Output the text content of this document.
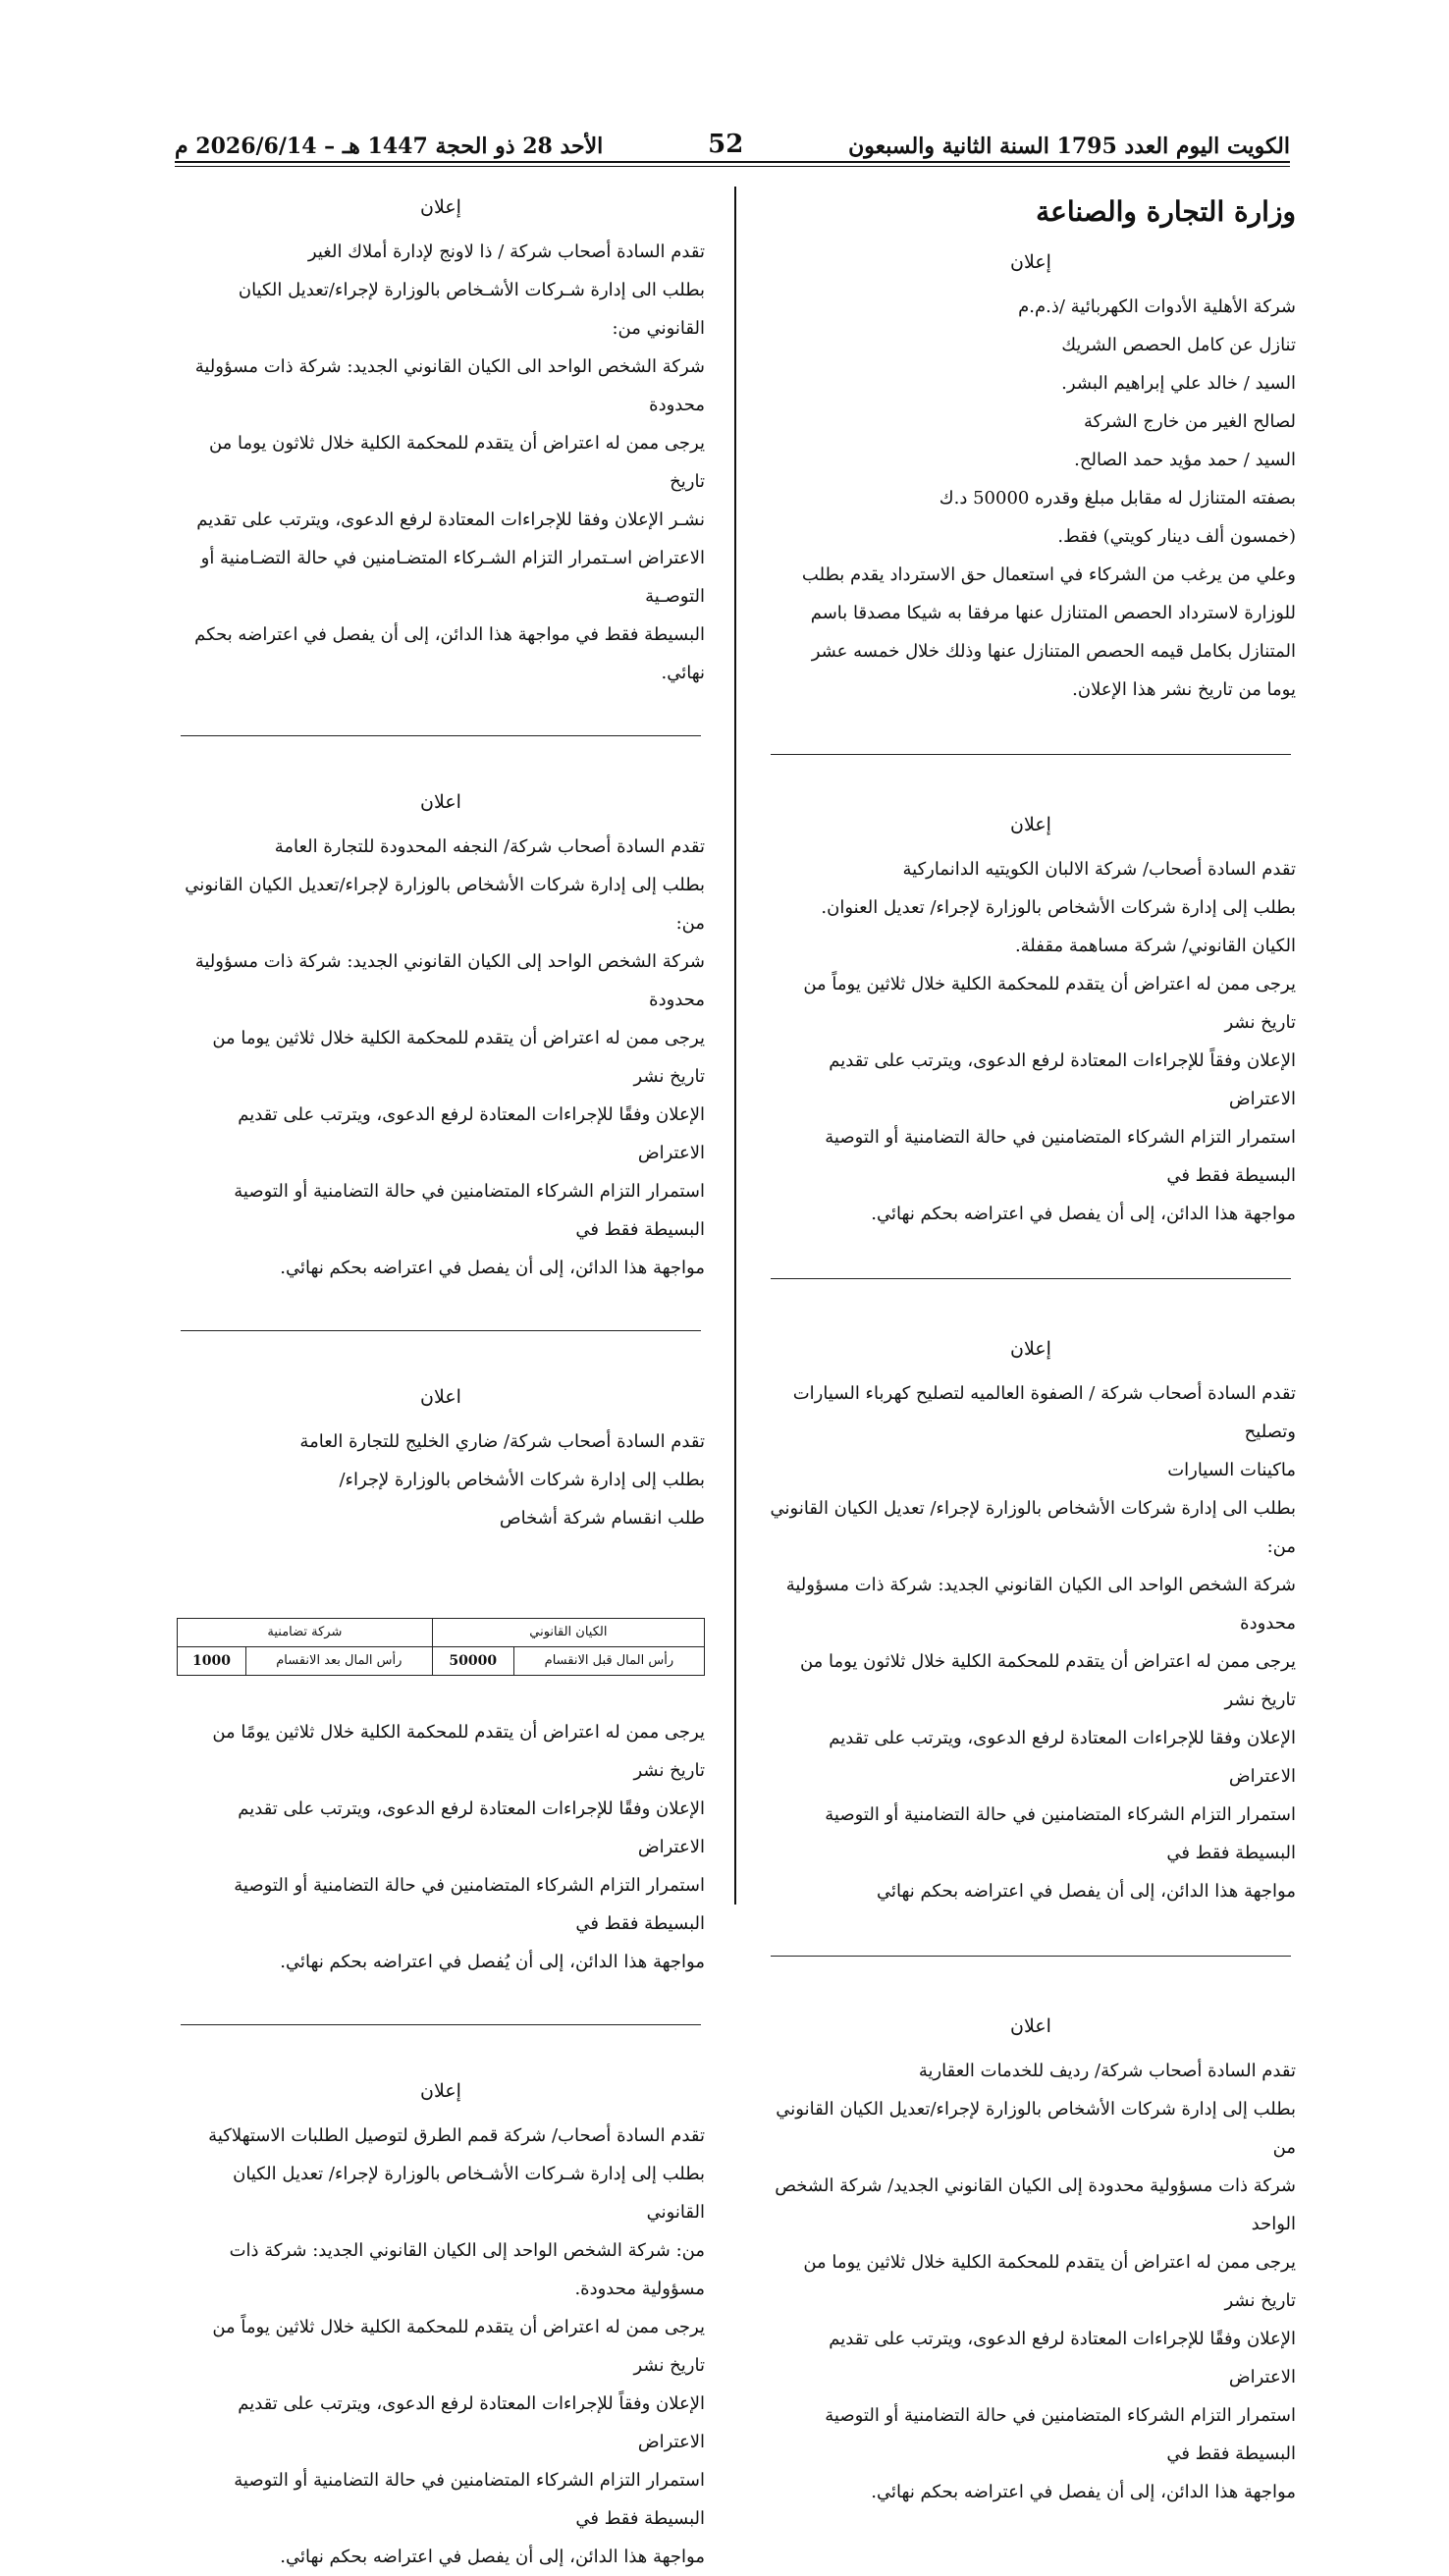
الكويت اليوم العدد 1795 السنة الثانية والسبعون
52
الأحد 28 ذو الحجة 1447 هـ – 2026/6/14 م
وزارة التجارة والصناعة
إعلان

شركة الأهلية الأدوات الكهربائية /ذ.م.م

تنازل عن كامل الحصص الشريك

السيد / خالد علي إبراهيم البشر.

لصالح الغير من خارج الشركة

السيد / حمد مؤيد حمد الصالح.

بصفته المتنازل له مقابل مبلغ وقدره 50000 د.ك

(خمسون ألف دينار كويتي) فقط.

وعلي من يرغب من الشركاء في استعمال حق الاسترداد يقدم بطلب

للوزارة لاسترداد الحصص المتنازل عنها مرفقا به شيكا مصدقا باسم

المتنازل بكامل قيمه الحصص المتنازل عنها وذلك خلال خمسه عشر

يوما من تاريخ نشر هذا الإعلان.

إعلان

تقدم السادة أصحاب/ شركة الالبان الكويتيه الدانماركية

بطلب إلى إدارة شركات الأشخاص بالوزارة لإجراء/ تعديل العنوان.

الكيان القانوني/ شركة مساهمة مقفلة.

يرجى ممن له اعتراض أن يتقدم للمحكمة الكلية خلال ثلاثين يوماً من تاريخ نشر

الإعلان وفقاً للإجراءات المعتادة لرفع الدعوى، ويترتب على تقديم الاعتراض

استمرار التزام الشركاء المتضامنين في حالة التضامنية أو التوصية البسيطة فقط في

مواجهة هذا الدائن، إلى أن يفصل في اعتراضه بحكم نهائي.

إعلان

تقدم السادة أصحاب شركة / الصفوة العالميه لتصليح كهرباء السيارات وتصليح

ماكينات السيارات

بطلب الى إدارة شركات الأشخاص بالوزارة لإجراء/ تعديل الكيان القانوني من:

شركة الشخص الواحد الى الكيان القانوني الجديد: شركة ذات مسؤولية محدودة

يرجى ممن له اعتراض أن يتقدم للمحكمة الكلية خلال ثلاثون يوما من تاريخ نشر

الإعلان وفقا للإجراءات المعتادة لرفع الدعوى، ويترتب على تقديم الاعتراض

استمرار التزام الشركاء المتضامنين في حالة التضامنية أو التوصية البسيطة فقط في

مواجهة هذا الدائن، إلى أن يفصل في اعتراضه بحكم نهائي

اعلان

تقدم السادة أصحاب شركة/ رديف للخدمات العقارية

بطلب إلى إدارة شركات الأشخاص بالوزارة لإجراء/تعديل الكيان القانوني من

شركة ذات مسؤولية محدودة إلى الكيان القانوني الجديد/ شركة الشخص الواحد

يرجى ممن له اعتراض أن يتقدم للمحكمة الكلية خلال ثلاثين يوما من تاريخ نشر

الإعلان وفقًا للإجراءات المعتادة لرفع الدعوى، ويترتب على تقديم الاعتراض

استمرار التزام الشركاء المتضامنين في حالة التضامنية أو التوصية البسيطة فقط في

مواجهة هذا الدائن، إلى أن يفصل في اعتراضه بحكم نهائي.

إعلان

تقدم السادة أصحاب شركة / ذا لاونج لإدارة أملاك الغير

بطلب الى إدارة شـركات الأشـخاص بالوزارة لإجراء/تعديل الكيان القانوني من:

شركة الشخص الواحد الى الكيان القانوني الجديد: شركة ذات مسؤولية محدودة

يرجى ممن له اعتراض أن يتقدم للمحكمة الكلية خلال ثلاثون يوما من تاريخ

نشـر الإعلان وفقا للإجراءات المعتادة لرفع الدعوى، ويترتب على تقديم

الاعتراض اسـتمرار التزام الشـركاء المتضـامنين في حالة التضـامنية أو التوصـية

البسيطة فقط في مواجهة هذا الدائن، إلى أن يفصل في اعتراضه بحكم نهائي.

اعلان

تقدم السادة أصحاب شركة/ النجفه المحدودة للتجارة العامة

بطلب إلى إدارة شركات الأشخاص بالوزارة لإجراء/تعديل الكيان القانوني من:

شركة الشخص الواحد إلى الكيان القانوني الجديد: شركة ذات مسؤولية محدودة

يرجى ممن له اعتراض أن يتقدم للمحكمة الكلية خلال ثلاثين يوما من تاريخ نشر

الإعلان وفقًا للإجراءات المعتادة لرفع الدعوى، ويترتب على تقديم الاعتراض

استمرار التزام الشركاء المتضامنين في حالة التضامنية أو التوصية البسيطة فقط في

مواجهة هذا الدائن، إلى أن يفصل في اعتراضه بحكم نهائي.

اعلان

تقدم السادة أصحاب شركة/ ضاري الخليج للتجارة العامة

بطلب إلى إدارة شركات الأشخاص بالوزارة لإجراء/

طلب انقسام شركة أشخاص

الكيان القانوني		شركة تضامنية	
رأس المال قبل الانقسام	50000	رأس المال بعد الانقسام	1000

يرجى ممن له اعتراض أن يتقدم للمحكمة الكلية خلال ثلاثين يومًا من تاريخ نشر

الإعلان وفقًا للإجراءات المعتادة لرفع الدعوى، ويترتب على تقديم الاعتراض

استمرار التزام الشركاء المتضامنين في حالة التضامنية أو التوصية البسيطة فقط في

مواجهة هذا الدائن، إلى أن يُفصل في اعتراضه بحكم نهائي.

إعلان

تقدم السادة أصحاب/ شركة قمم الطرق لتوصيل الطلبات الاستهلاكية

بطلب إلى إدارة شـركات الأشـخاص بالوزارة لإجراء/ تعديل الكيان القانوني

من: شركة الشخص الواحد إلى الكيان القانوني الجديد: شركة ذات مسؤولية محدودة.

يرجى ممن له اعتراض أن يتقدم للمحكمة الكلية خلال ثلاثين يوماً من تاريخ نشر

الإعلان وفقاً للإجراءات المعتادة لرفع الدعوى، ويترتب على تقديم الاعتراض

استمرار التزام الشركاء المتضامنين في حالة التضامنية أو التوصية البسيطة فقط في

مواجهة هذا الدائن، إلى أن يفصل في اعتراضه بحكم نهائي.
